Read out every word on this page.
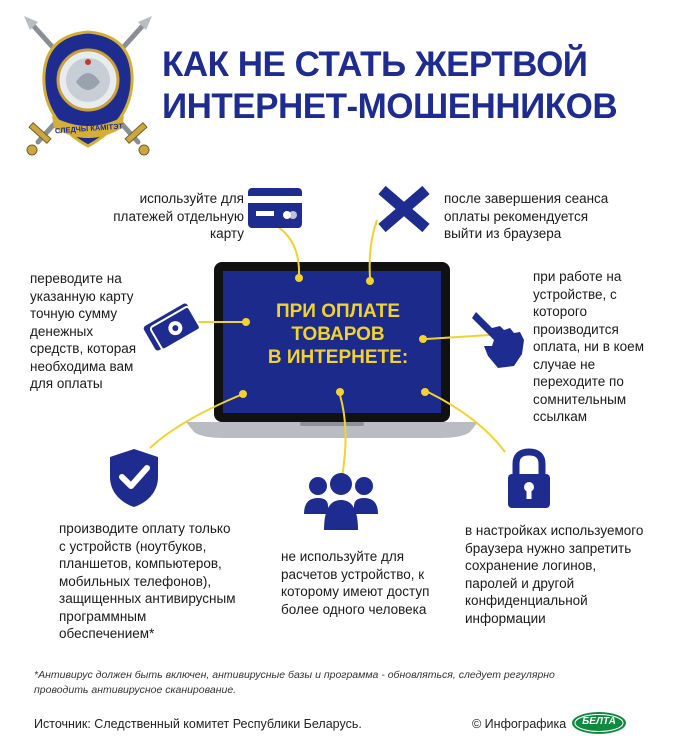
СЛЕДЧЫ КАМІТЭТ
КАК НЕ СТАТЬ ЖЕРТВОЙ
ИНТЕРНЕТ-МОШЕННИКОВ
ПРИ ОПЛАТЕ
ТОВАРОВ
В ИНТЕРНЕТЕ:
используйте для
платежей отдельную
карту
после завершения сеанса
оплаты рекомендуется
выйти из браузера
переводите на
указанную карту
точную сумму
денежных
средств, которая
необходима вам
для оплаты
при работе на
устройстве, с
которого
производится
оплата, ни в коем
случае не
переходите по
сомнительным
ссылкам
производите оплату только
с устройств (ноутбуков,
планшетов, компьютеров,
мобильных телефонов),
защищенных антивирусным
программным
обеспечением*
не используйте для
расчетов устройство, к
которому имеют доступ
более одного человека
в настройках используемого
браузера нужно запретить
сохранение логинов,
паролей и другой
конфиденциальной
информации
*Антивирус должен быть включен, антивирусные базы и программа - обновляться, следует регулярно
проводить антивирусное сканирование.
Источник: Следственный комитет Республики Беларусь.	© Инфографика	БЕЛТА
